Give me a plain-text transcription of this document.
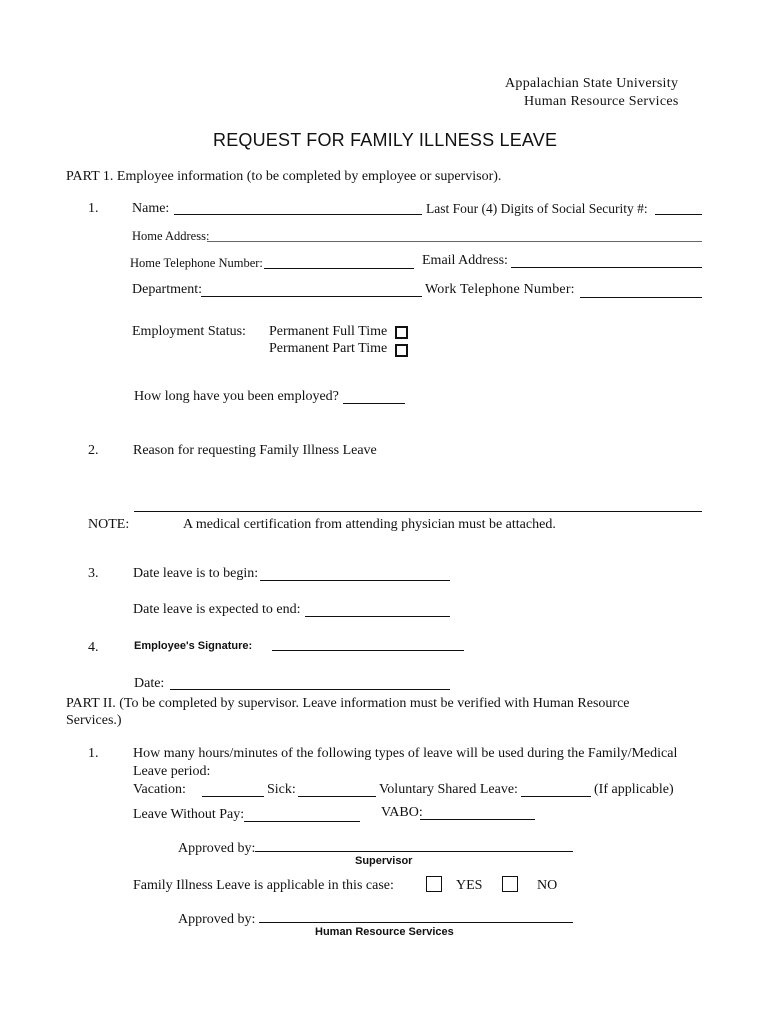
Appalachian State University
Human Resource Services
REQUEST FOR FAMILY ILLNESS LEAVE
PART 1. Employee information (to be completed by employee or supervisor).
1. Name:	Last Four (4) Digits of Social Security #:
Home Address:
Home Telephone Number:	Email Address:
Department:	Work Telephone Number:
Employment Status: Permanent Full Time
Permanent Part Time
How long have you been employed?
2. Reason for requesting Family Illness Leave
NOTE:	A medical certification from attending physician must be attached.
3. Date leave is to begin:
Date leave is expected to end:
4.	Employee's Signature:
Date:
PART II. (To be completed by supervisor. Leave information must be verified with Human Resource
Services.)
1. How many hours/minutes of the following types of leave will be used during the Family/Medical
Leave period:
Vacation:	Sick:	Voluntary Shared Leave:	(If applicable)
Leave Without Pay:	VABO:
Approved by:
Supervisor
Family Illness Leave is applicable in this case:	YES	NO
Approved by:
Human Resource Services
